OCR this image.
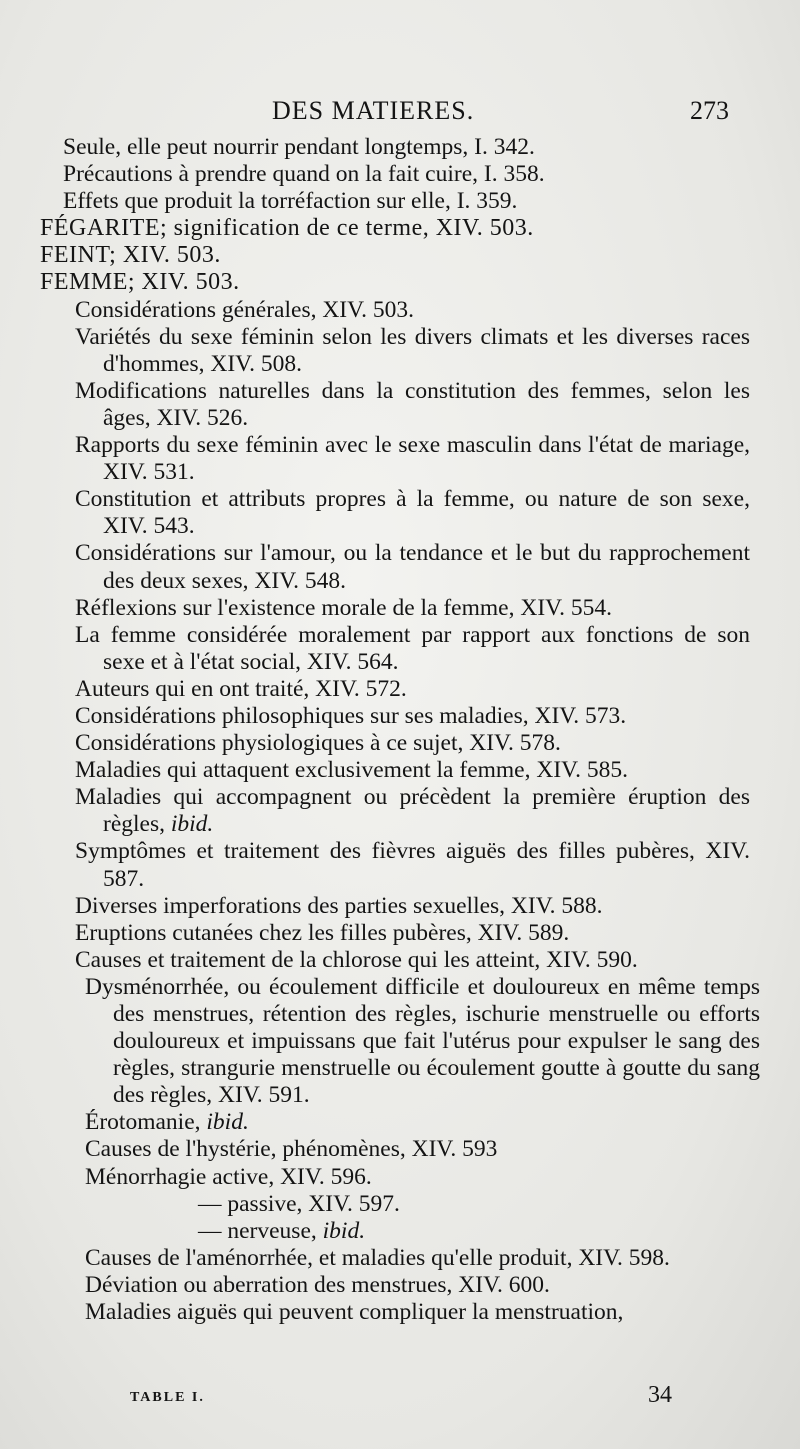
DES MATIERES.	273
Seule, elle peut nourrir pendant longtemps, I. 342.
Précautions à prendre quand on la fait cuire, I. 358.
Effets que produit la torréfaction sur elle, I. 359.
FÉGARITE; signification de ce terme, XIV. 503.
FEINT; XIV. 503.
FEMME; XIV. 503.
Considérations générales, XIV. 503.
Variétés du sexe féminin selon les divers climats et les diverses races d'hommes, XIV. 508.
Modifications naturelles dans la constitution des femmes, selon les âges, XIV. 526.
Rapports du sexe féminin avec le sexe masculin dans l'état de mariage, XIV. 531.
Constitution et attributs propres à la femme, ou nature de son sexe, XIV. 543.
Considérations sur l'amour, ou la tendance et le but du rapprochement des deux sexes, XIV. 548.
Réflexions sur l'existence morale de la femme, XIV. 554.
La femme considérée moralement par rapport aux fonctions de son sexe et à l'état social, XIV. 564.
Auteurs qui en ont traité, XIV. 572.
Considérations philosophiques sur ses maladies, XIV. 573.
Considérations physiologiques à ce sujet, XIV. 578.
Maladies qui attaquent exclusivement la femme, XIV. 585.
Maladies qui accompagnent ou précèdent la première éruption des règles, ibid.
Symptômes et traitement des fièvres aiguës des filles pubères, XIV. 587.
Diverses imperforations des parties sexuelles, XIV. 588.
Eruptions cutanées chez les filles pubères, XIV. 589.
Causes et traitement de la chlorose qui les atteint, XIV. 590.
Dysménorrhée, ou écoulement difficile et douloureux en même temps des menstrues, rétention des règles, ischurie menstruelle ou efforts douloureux et impuissans que fait l'utérus pour expulser le sang des règles, strangurie menstruelle ou écoulement goutte à goutte du sang des règles, XIV. 591.
Érotomanie, ibid.
Causes de l'hystérie, phénomènes, XIV. 593
Ménorrhagie active, XIV. 596.
— passive, XIV. 597.
— nerveuse, ibid.
Causes de l'aménorrhée, et maladies qu'elle produit, XIV. 598.
Déviation ou aberration des menstrues, XIV. 600.
Maladies aiguës qui peuvent compliquer la menstruation,
TABLE I.	34
